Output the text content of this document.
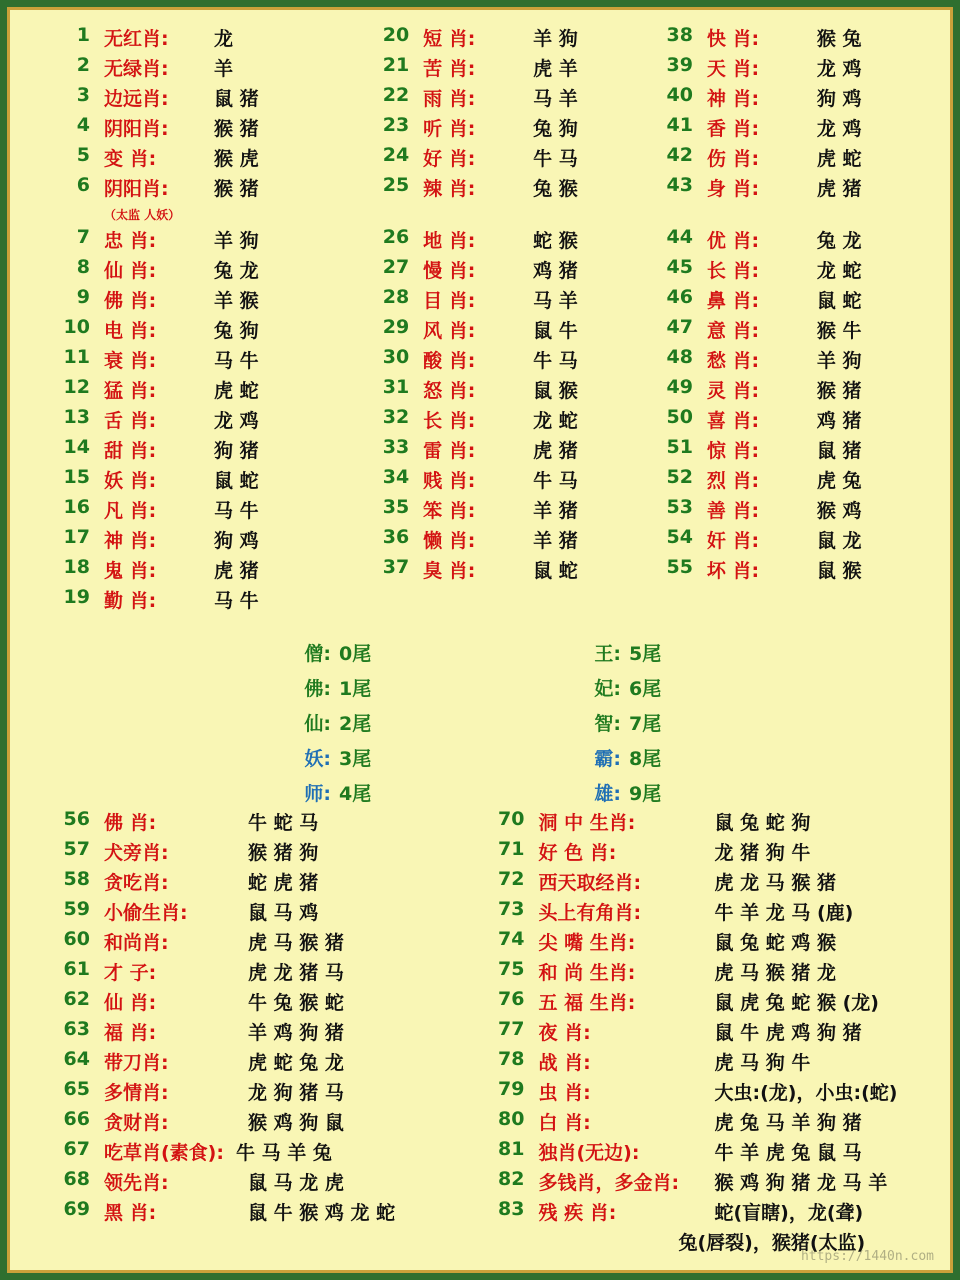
1 无红肖:	龙
2 无绿肖:	羊
3 边远肖:	鼠 猪
4 阴阳肖:	猴 猪
5 变 肖:	猴 虎
6 阴阳肖:	猴 猪
（太监 人妖）
7 忠 肖:	羊 狗
8 仙 肖:	兔 龙
9 佛 肖:	羊 猴
10 电 肖:	兔 狗
11 衰 肖:	马 牛
12 猛 肖:	虎 蛇
13 舌 肖:	龙 鸡
14 甜 肖:	狗 猪
15 妖 肖:	鼠 蛇
16 凡 肖:	马 牛
17 神 肖:	狗 鸡
18 鬼 肖:	虎 猪
19 勤 肖:	马 牛
20 短 肖:	羊 狗
21 苦 肖:	虎 羊
22 雨 肖:	马 羊
23 听 肖:	兔 狗
24 好 肖:	牛 马
25 辣 肖:	兔 猴
26 地 肖:	蛇 猴
27 慢 肖:	鸡 猪
28 目 肖:	马 羊
29 风 肖:	鼠 牛
30 酸 肖:	牛 马
31 怒 肖:	鼠 猴
32 长 肖:	龙 蛇
33 雷 肖:	虎 猪
34 贱 肖:	牛 马
35 笨 肖:	羊 猪
36 懒 肖:	羊 猪
37 臭 肖:	鼠 蛇
38 快 肖:	猴 兔
39 天 肖:	龙 鸡
40 神 肖:	狗 鸡
41 香 肖:	龙 鸡
42 伤 肖:	虎 蛇
43 身 肖:	虎 猪
44 优 肖:	兔 龙
45 长 肖:	龙 蛇
46 鼻 肖:	鼠 蛇
47 意 肖:	猴 牛
48 愁 肖:	羊 狗
49 灵 肖:	猴 猪
50 喜 肖:	鸡 猪
51 惊 肖:	鼠 猪
52 烈 肖:	虎 兔
53 善 肖:	猴 鸡
54 奸 肖:	鼠 龙
55 坏 肖:	鼠 猴
僧: 0尾
佛: 1尾
仙: 2尾
妖: 3尾
师: 4尾
王: 5尾
妃: 6尾
智: 7尾
霸: 8尾
雄: 9尾
56 佛 肖:	牛 蛇 马
57 犬旁肖:	猴 猪 狗
58 贪吃肖:	蛇 虎 猪
59 小偷生肖:	鼠 马 鸡
60 和尚肖:	虎 马 猴 猪
61 才 子:	虎 龙 猪 马
62 仙 肖:	牛 兔 猴 蛇
63 福 肖:	羊 鸡 狗 猪
64 带刀肖:	虎 蛇 兔 龙
65 多情肖:	龙 狗 猪 马
66 贪财肖:	猴 鸡 狗 鼠
67 吃草肖(素食): 牛 马 羊 兔
68 领先肖:	鼠 马 龙 虎
69 黑 肖:	鼠 牛 猴 鸡 龙 蛇
70 洞 中 生肖:	鼠 兔 蛇 狗
71 好 色 肖:	龙 猪 狗 牛
72 西天取经肖:	虎 龙 马 猴 猪
73 头上有角肖:	牛 羊 龙 马 (鹿)
74 尖 嘴 生肖:	鼠 兔 蛇 鸡 猴
75 和 尚 生肖:	虎 马 猴 猪 龙
76 五 福 生肖:	鼠 虎 兔 蛇 猴 (龙)
77 夜 肖:	鼠 牛 虎 鸡 狗 猪
78 战 肖:	虎 马 狗 牛
79 虫 肖:	大虫:(龙)，小虫:(蛇)
80 白 肖:	虎 兔 马 羊 狗 猪
81 独肖(无边):	牛 羊 虎 兔 鼠 马
82 多钱肖，多金肖:	猴 鸡 狗 猪 龙 马 羊
83 残 疾 肖:	蛇(盲瞎)，龙(聋)
兔(唇裂)，猴猪(太监)
https://1440n.com
